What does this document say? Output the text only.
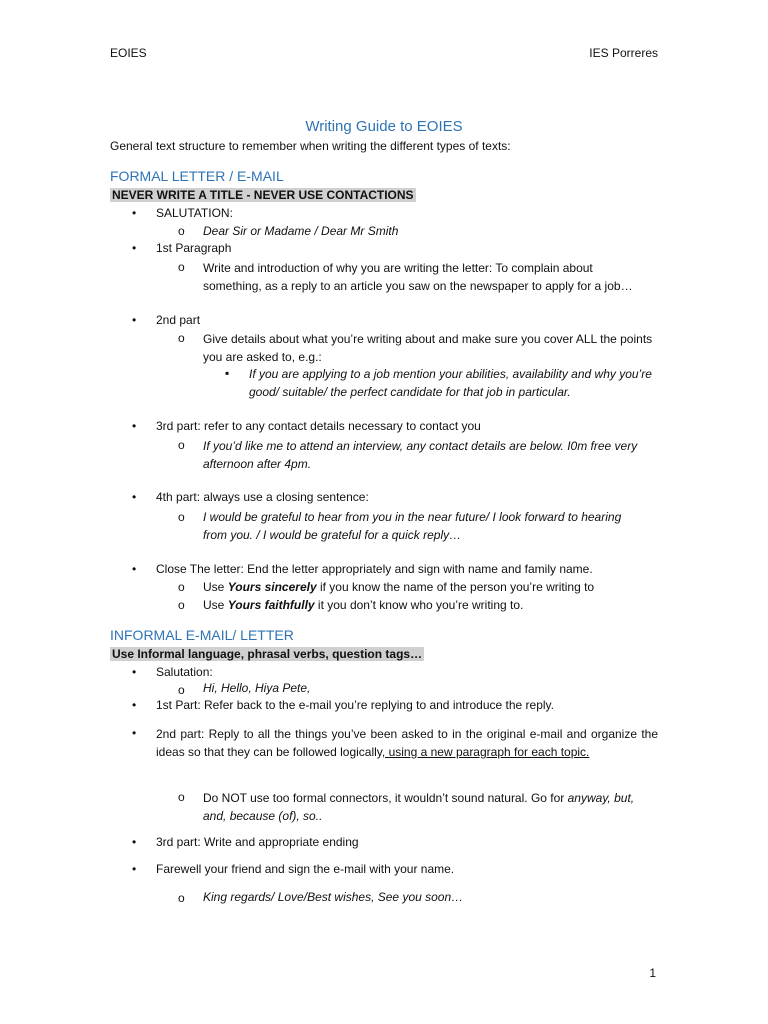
EOIES	IES Porreres
Writing Guide to EOIES
General text structure to remember when writing the different types of texts:
FORMAL LETTER / E-MAIL
NEVER WRITE A TITLE - NEVER USE CONTACTIONS
• SALUTATION:
o Dear Sir or Madame / Dear Mr Smith
• 1st Paragraph
o Write and introduction of why you are writing the letter: To complain about something, as a reply to an article you saw on the newspaper to apply for a job…
• 2nd part
o Give details about what you’re writing about and make sure you cover ALL the points you are asked to, e.g.:
▪ If you are applying to a job mention your abilities, availability and why you’re good/ suitable/ the perfect candidate for that job in particular.
• 3rd part: refer to any contact details necessary to contact you
o If you’d like me to attend an interview, any contact details are below. I0m free very afternoon after 4pm.
• 4th part: always use a closing sentence:
o I would be grateful to hear from you in the near future/ I look forward to hearing from you. / I would be grateful for a quick reply…
• Close The letter: End the letter appropriately and sign with name and family name.
o Use Yours sincerely if you know the name of the person you’re writing to
o Use Yours faithfully it you don’t know who you’re writing to.
INFORMAL E-MAIL/ LETTER
Use Informal language, phrasal verbs, question tags…
• Salutation:
o Hi, Hello, Hiya Pete,
• 1st Part: Refer back to the e-mail you’re replying to and introduce the reply.
• 2nd part: Reply to all the things you’ve been asked to in the original e-mail and organize the ideas so that they can be followed logically, using a new paragraph for each topic.
o Do NOT use too formal connectors, it wouldn’t sound natural. Go for anyway, but, and, because (of), so..
• 3rd part: Write and appropriate ending
• Farewell your friend and sign the e-mail with your name.
o King regards/ Love/Best wishes, See you soon…
1
